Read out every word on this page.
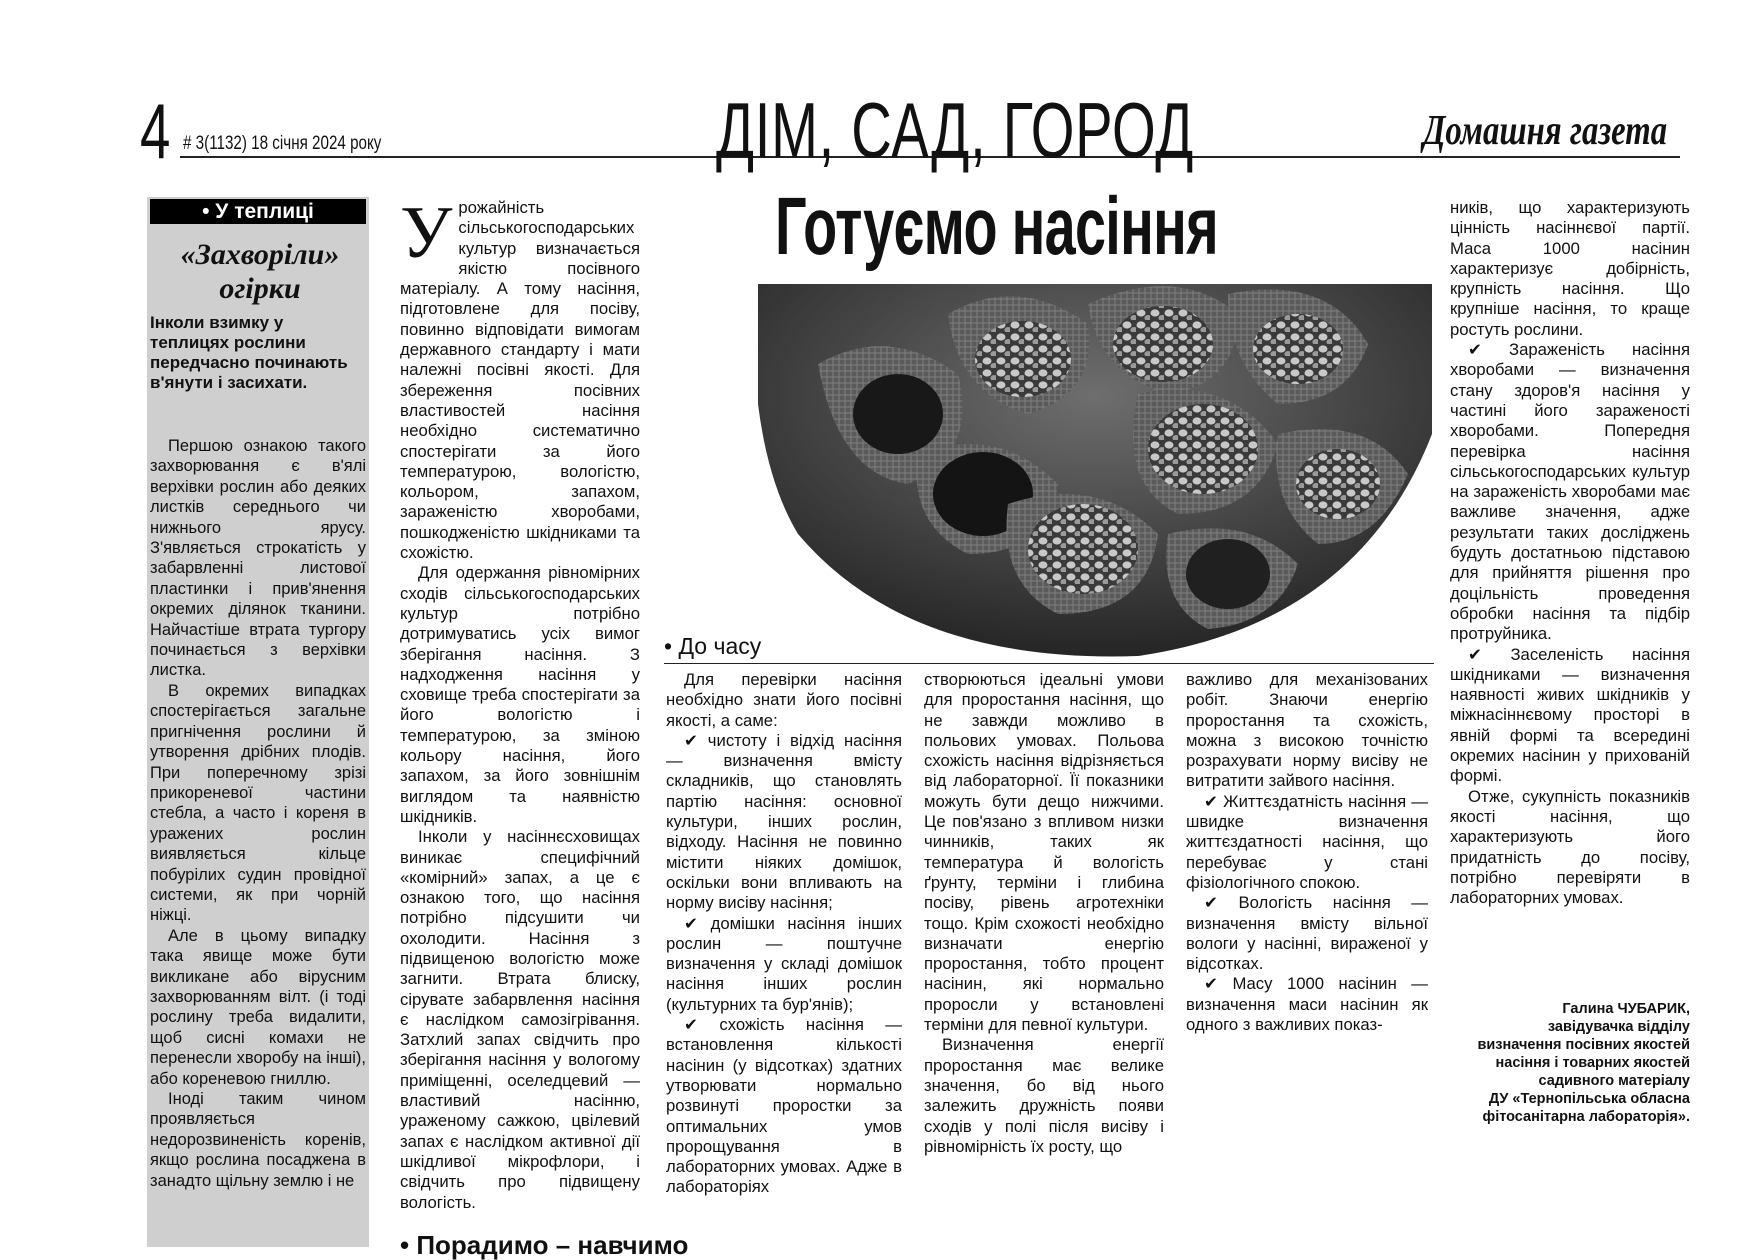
4 # 3(1132) 18 січня 2024 року	ДІМ, САД, ГОРОД	Домашня газета
• У теплиці
«Захворіли»
огірки
Інколи взимку у теплицях рослини передчасно починають в'янути і засихати.

Першою ознакою такого захворювання є в'ялі верхівки рослин або деяких листків середнього чи нижнього ярусу. З'являється строкатість у забарвленні листової пластинки і прив'янення окремих ділянок тканини. Найчастіше втрата тургору починається з верхівки листка.

В окремих випадках спостерігається загальне пригнічення рослини й утворення дрібних плодів. При поперечному зрізі прикореневої частини стебла, а часто і кореня в уражених рослин виявляється кільце побурілих судин провідної системи, як при чорній ніжці.

Але в цьому випадку така явище може бути викликане або вірусним захворюванням вілт. (і тоді рослину треба видалити, щоб сисні комахи не перенесли хворобу на інші), або кореневою гниллю.

Іноді таким чином проявляється недорозвиненість коренів, якщо рослина посаджена в занадто щільну землю і не

Готуємо насіння
• До часу
У рожайність сільськогосподарських культур визначається якістю посівного матеріалу. А тому насіння, підготовлене для посіву, повинно відповідати вимогам державного стандарту і мати належні посівні якості. Для збереження посівних властивостей насіння необхідно систематично спостерігати за його температурою, вологістю, кольором, запахом, зараженістю хворобами, пошкодженістю шкідниками та схожістю.

Для одержання рівномірних сходів сільськогосподарських культур потрібно дотримуватись усіх вимог зберігання насіння. З надходження насіння у сховище треба спостерігати за його вологістю і температурою, за зміною кольору насіння, його запахом, за його зовнішнім виглядом та наявністю шкідників.

Інколи у насіннєсховищах виникає специфічний «комірний» запах, а це є ознакою того, що насіння потрібно підсушити чи охолодити. Насіння з підвищеною вологістю може загнити. Втрата блиску, сірувате забарвлення насіння є наслідком самозігрівання. Затхлий запах свідчить про зберігання насіння у вологому приміщенні, оселедцевий — властивий насінню, ураженому сажкою, цвілевий запах є наслідком активної дії шкідливої мікрофлори, і свідчить про підвищену вологість.

Для перевірки насіння необхідно знати його посівні якості, а саме:

✔ чистоту і відхід насіння — визначення вмісту складників, що становлять партію насіння: основної культури, інших рослин, відходу. Насіння не повинно містити ніяких домішок, оскільки вони впливають на норму висіву насіння;

✔ домішки насіння інших рослин — поштучне визначення у складі домішок насіння інших рослин (культурних та бур'янів);

✔ схожість насіння — встановлення кількості насінин (у відсотках) здатних утворювати нормально розвинуті проростки за оптимальних умов пророщування в лабораторних умовах. Адже в лабораторіях

створюються ідеальні умови для проростання насіння, що не завжди можливо в польових умовах. Польова схожість насіння відрізняється від лабораторної. Її показники можуть бути дещо нижчими. Це пов'язано з впливом низки чинників, таких як температура й вологість ґрунту, терміни і глибина посіву, рівень агротехніки тощо. Крім схожості необхідно визначати енергію проростання, тобто процент насінин, які нормально проросли у встановлені терміни для певної культури.

Визначення енергії проростання має велике значення, бо від нього залежить дружність появи сходів у полі після висіву і рівномірність їх росту, що

важливо для механізованих робіт. Знаючи енергію проростання та схожість, можна з високою точністю розрахувати норму висіву не витратити зайвого насіння.

✔ Життєздатність насіння — швидке визначення життєздатності насіння, що перебуває у стані фізіологічного спокою.

✔ Вологість насіння — визначення вмісту вільної вологи у насінні, вираженої у відсотках.

✔ Масу 1000 насінин — визначення маси насінин як одного з важливих показ-

ників, що характеризують цінність насіннєвої партії. Маса 1000 насінин характеризує добірність, крупність насіння. Що крупніше насіння, то краще ростуть рослини.

✔ Зараженість насіння хворобами — визначення стану здоров'я насіння у частині його зараженості хворобами. Попередня перевірка насіння сільськогосподарських культур на зараженість хворобами має важливе значення, адже результати таких досліджень будуть достатньою підставою для прийняття рішення про доцільність проведення обробки насіння та підбір протруйника.

✔ Заселеність насіння шкідниками — визначення наявності живих шкідників у міжнасіннєвому просторі в явній формі та всередині окремих насінин у прихованій формі.

Отже, сукупність показників якості насіння, що характеризують його придатність до посіву, потрібно перевіряти в лабораторних умовах.

Галина ЧУБАРИК,
завідувачка відділу
визначення посівних якостей
насіння і товарних якостей
садивного матеріалу
ДУ «Тернопільська обласна
фітосанітарна лабораторія».
• Порадимо – навчимо
